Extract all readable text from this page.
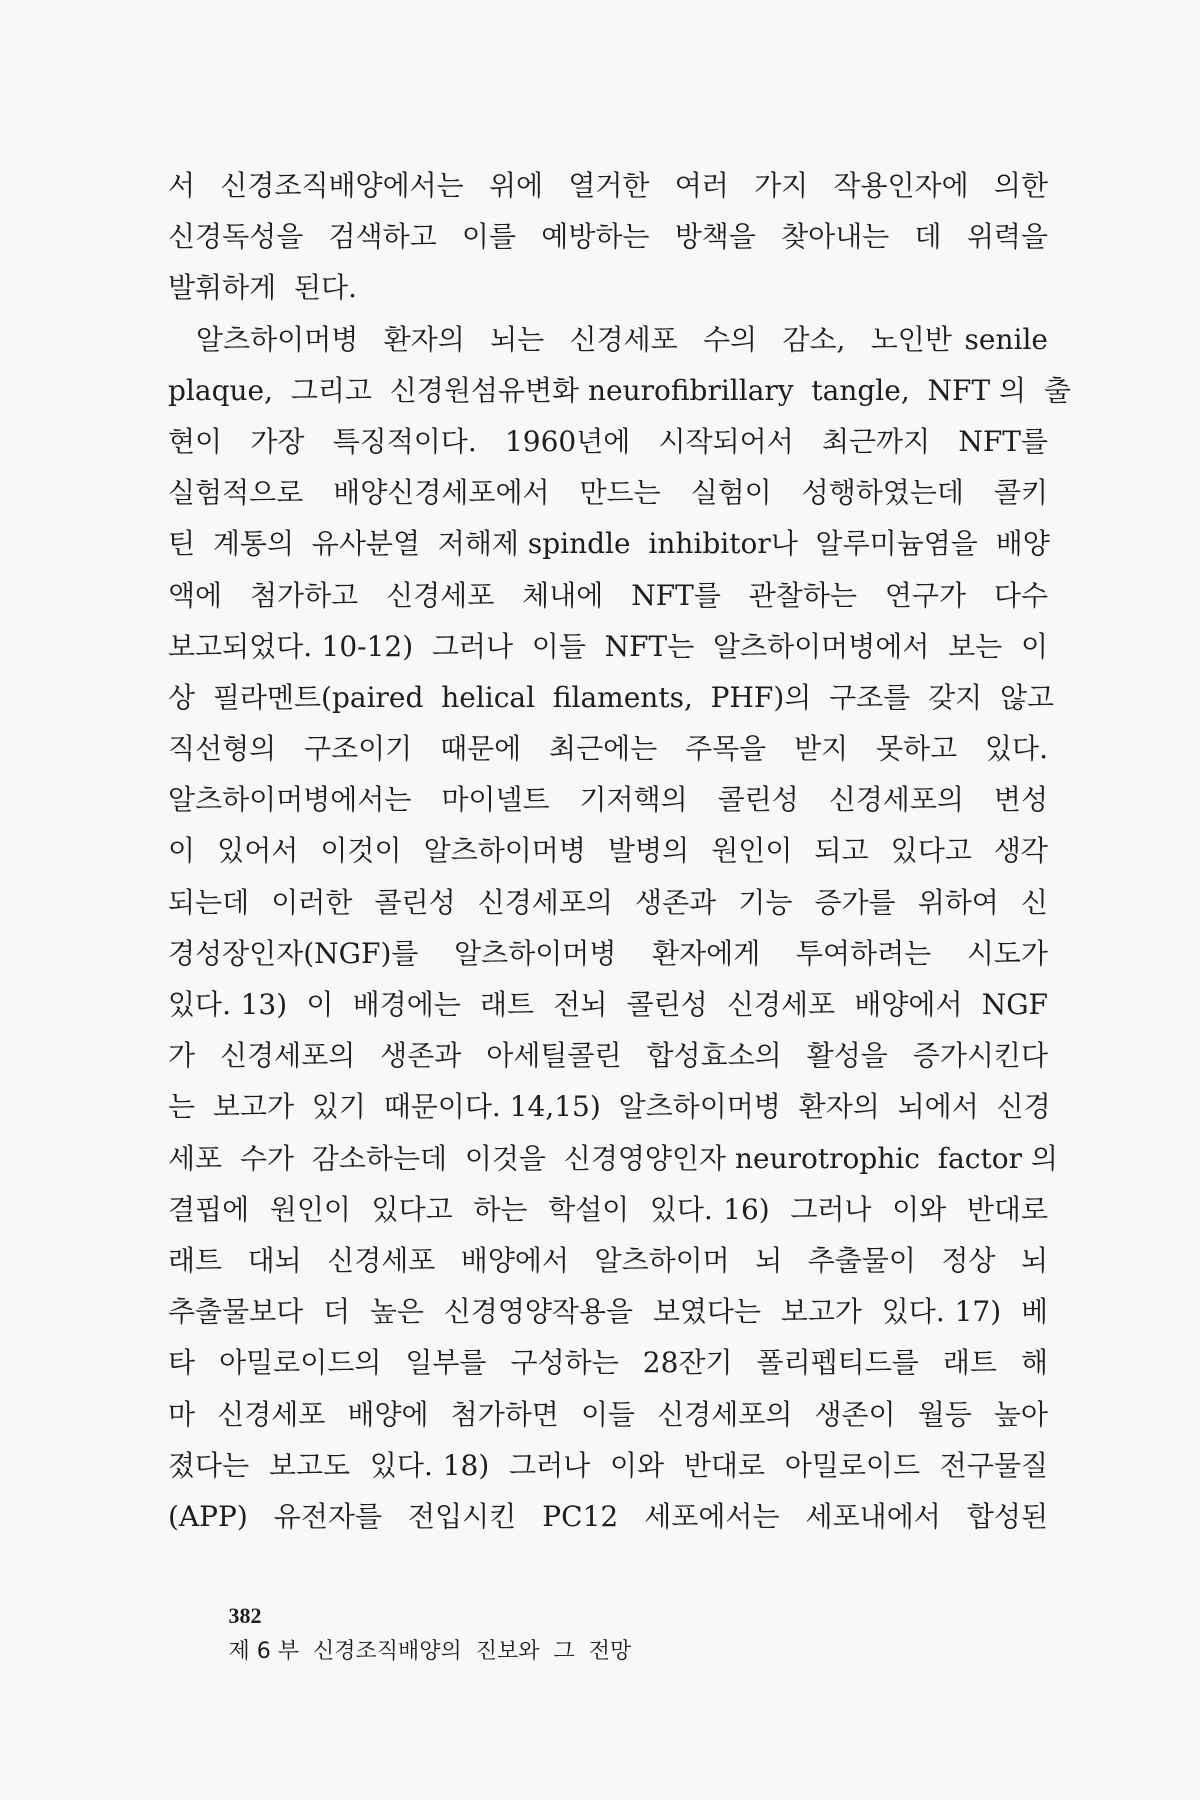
서  신경조직배양에서는  위에  열거한  여러  가지  작용인자에  의한
신경독성을  검색하고  이를  예방하는  방책을  찾아내는  데  위력을
발휘하게  된다.
알츠하이머병  환자의  뇌는  신경세포  수의  감소,  노인반 senile
plaque,  그리고  신경원섬유변화 neurofibrillary  tangle,  NFT 의  출
현이  가장  특징적이다.  1960년에  시작되어서  최근까지  NFT를
실험적으로  배양신경세포에서  만드는  실험이  성행하였는데  콜키
틴  계통의  유사분열  저해제 spindle  inhibitor나  알루미늄염을  배양
액에  첨가하고  신경세포  체내에  NFT를  관찰하는  연구가  다수
보고되었다. 10-12)  그러나  이들  NFT는  알츠하이머병에서  보는  이
상  필라멘트(paired  helical  filaments,  PHF)의  구조를  갖지  않고
직선형의  구조이기  때문에  최근에는  주목을  받지  못하고  있다.
알츠하이머병에서는  마이넬트  기저핵의  콜린성  신경세포의  변성
이  있어서  이것이  알츠하이머병  발병의  원인이  되고  있다고  생각
되는데  이러한  콜린성  신경세포의  생존과  기능  증가를  위하여  신
경성장인자(NGF)를  알츠하이머병  환자에게  투여하려는  시도가
있다. 13)  이  배경에는  래트  전뇌  콜린성  신경세포  배양에서  NGF
가  신경세포의  생존과  아세틸콜린  합성효소의  활성을  증가시킨다
는  보고가  있기  때문이다. 14,15)  알츠하이머병  환자의  뇌에서  신경
세포  수가  감소하는데  이것을  신경영양인자 neurotrophic  factor 의
결핍에  원인이  있다고  하는  학설이  있다. 16)  그러나  이와  반대로
래트  대뇌  신경세포  배양에서  알츠하이머  뇌  추출물이  정상  뇌
추출물보다  더  높은  신경영양작용을  보였다는  보고가  있다. 17)  베
타  아밀로이드의  일부를  구성하는  28잔기  폴리펩티드를  래트  해
마  신경세포  배양에  첨가하면  이들  신경세포의  생존이  월등  높아
졌다는  보고도  있다. 18)  그러나  이와  반대로  아밀로이드  전구물질
(APP)  유전자를  전입시킨  PC12  세포에서는  세포내에서  합성된

382
제 6 부  신경조직배양의  진보와  그  전망
